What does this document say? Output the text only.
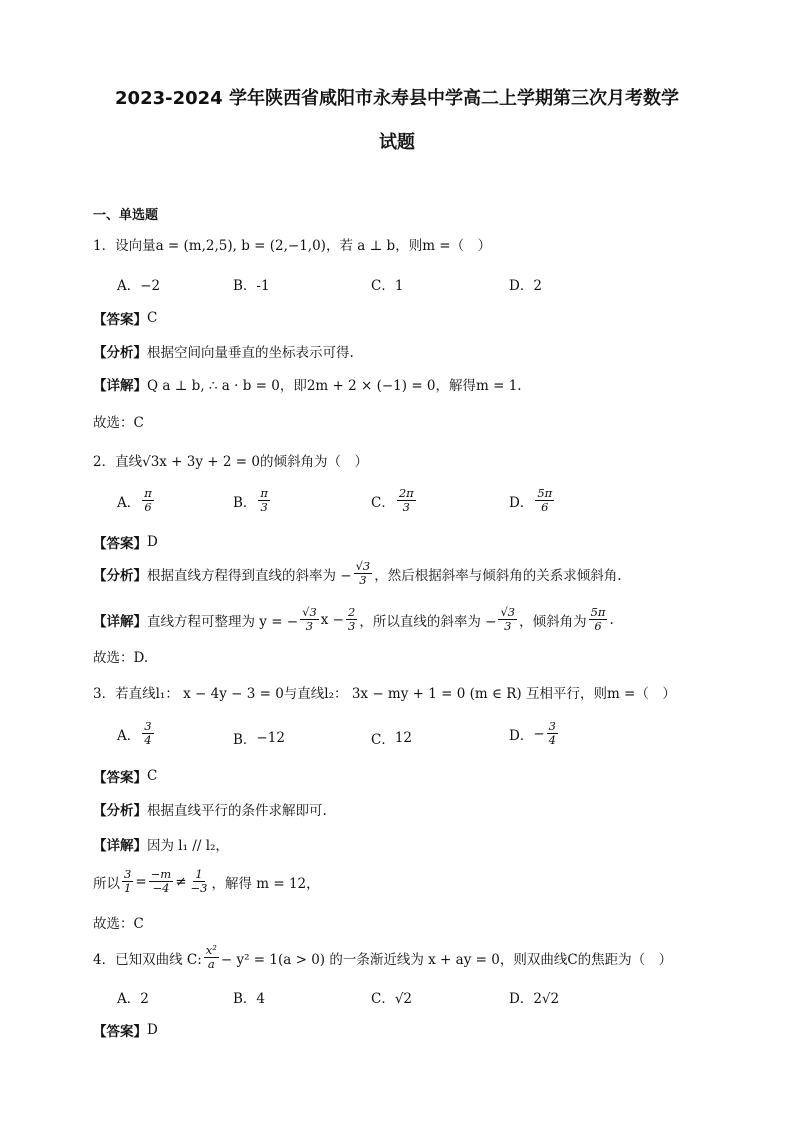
2023-2024 学年陕西省咸阳市永寿县中学高二上学期第三次月考数学
试题
一、单选题
1．设向量a = (m,2,5), b = (2,−1,0)，若 a ⊥ b，则m =（　）
A．−2	B．-1	C．1	D．2
【答案】 C
【分析】 根据空间向量垂直的坐标表示可得.
【详解】 Q a ⊥ b, ∴ a · b = 0，即2m + 2 × (−1) = 0，解得m = 1.
故选：C
2．直线√3x + 3y + 2 = 0的倾斜角为（　）
A． $\frac{\pi}{6}$	B． $\frac{\pi}{3}$	C． $\frac{2\pi}{3}$	D． $\frac{5\pi}{6}$
【答案】 D
【分析】 根据直线方程得到直线的斜率为 − $\frac{√3}{3}$ ，然后根据斜率与倾斜角的关系求倾斜角.
【详解】 直线方程可整理为 y = − $\frac{√3}{3}$ $x - \frac{2}{3}$ ，所以直线的斜率为 − $\frac{√3}{3}$ ，倾斜角为 $\frac{5\pi}{6}$ .
故选：D.
3．若直线l₁： x − 4y − 3 = 0与直线l₂： 3x − my + 1 = 0 (m ∈ R) 互相平行，则m =（　）
A． $\frac{3}{4}$	B． −12	C． 12	D． − $\frac{3}{4}$
【答案】 C
【分析】 根据直线平行的条件求解即可.
【详解】 因为 l₁ // l₂，
所以 $\frac{3}{1} = \frac{-m}{-4} \ne \frac{1}{-3}$ ，解得 m = 12，
故选：C
4．已知双曲线 C: $\frac{\text{x²}}{a} - y^2 = 1(a > 0)$ 的一条渐近线为 x + ay = 0，则双曲线C的焦距为（　）
A．2	B．4	C．√2	D．2√2
【答案】 D
